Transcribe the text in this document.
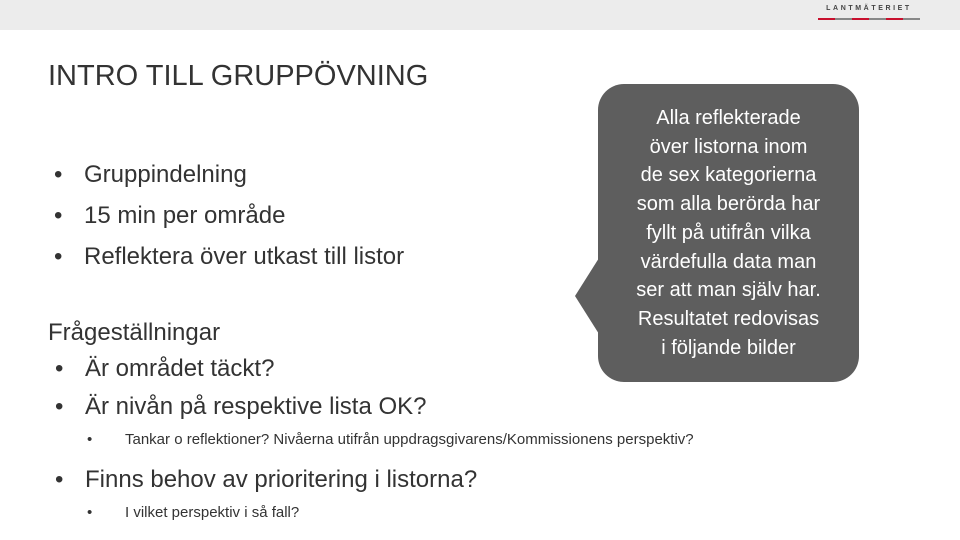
LANTMÄTERIET
INTRO TILL GRUPPÖVNING
• Gruppindelning
• 15 min per område
• Reflektera över utkast till listor
Frågeställningar
• Är området täckt?
• Är nivån på respektive lista OK?
•	Tankar o reflektioner? Nivåerna utifrån uppdragsgivarens/Kommissionens perspektiv?
• Finns behov av prioritering i listorna?
•	I vilket perspektiv i så fall?
Alla reflekterade
över listorna inom
de sex kategorierna
som alla berörda har
fyllt på utifrån vilka
värdefulla data man
ser att man själv har.
Resultatet redovisas
i följande bilder
